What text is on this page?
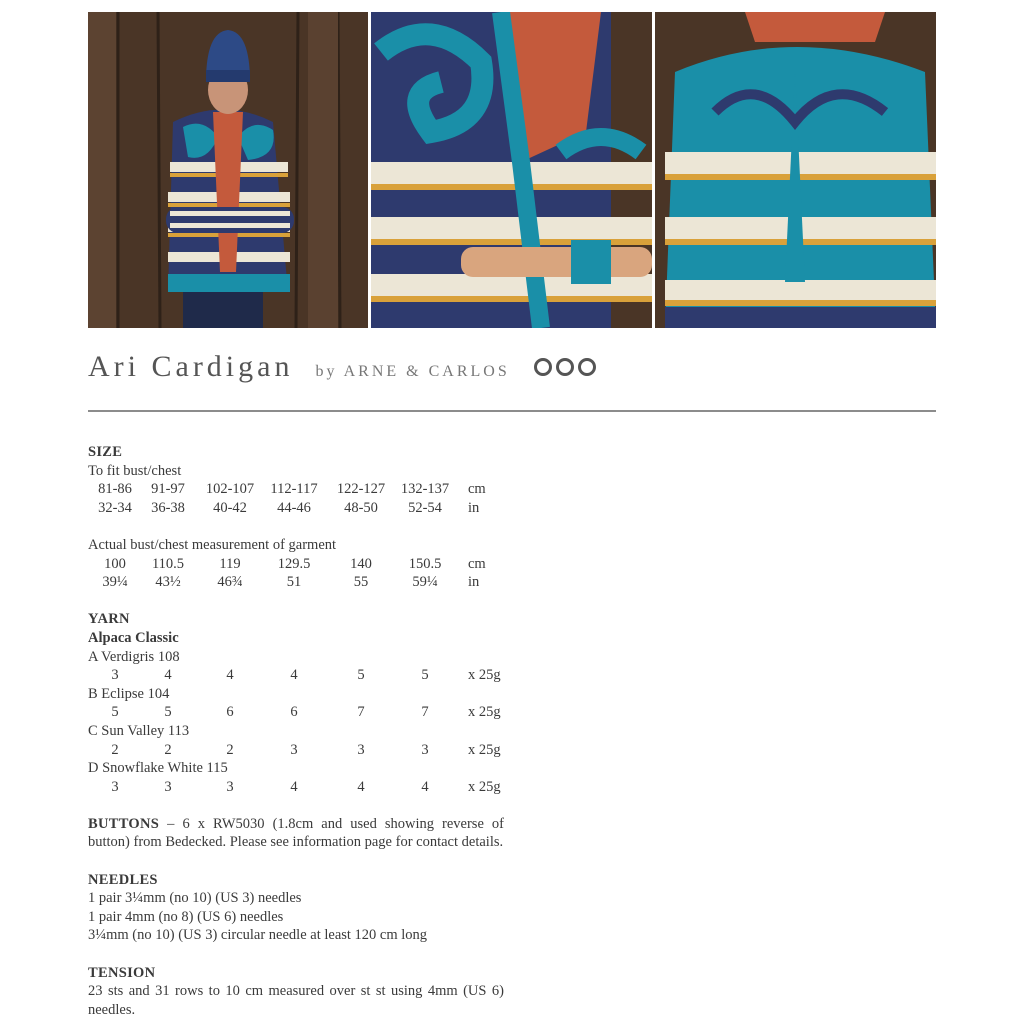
Ari Cardigan by ARNE & CARLOS
SIZE
To fit bust/chest
81-86 91-97 102-107 112-117 122-127 132-137 cm
32-34 36-38 40-42 44-46 48-50 52-54 in
Actual bust/chest measurement of garment
100 110.5 119	129.5	140	150.5 cm
39¼ 43½	46¾	51	55	59¼ in
YARN
Alpaca Classic
A Verdigris 108
3	4	4	4	5	5	x 25g
B Eclipse 104
5	5	6	6	7	7	x 25g
C Sun Valley 113
2	2	2	3	3	3	x 25g
D Snowflake White 115
3	3	3	4	4	4	x 25g
BUTTONS – 6 x RW5030 (1.8cm and used showing reverse of button) from Bedecked. Please see information page for contact details.
NEEDLES
1 pair 3¼mm (no 10) (US 3) needles
1 pair 4mm (no 8) (US 6) needles
3¼mm (no 10) (US 3) circular needle at least 120 cm long
TENSION
23 sts and 31 rows to 10 cm measured over st st using 4mm (US 6) needles.
